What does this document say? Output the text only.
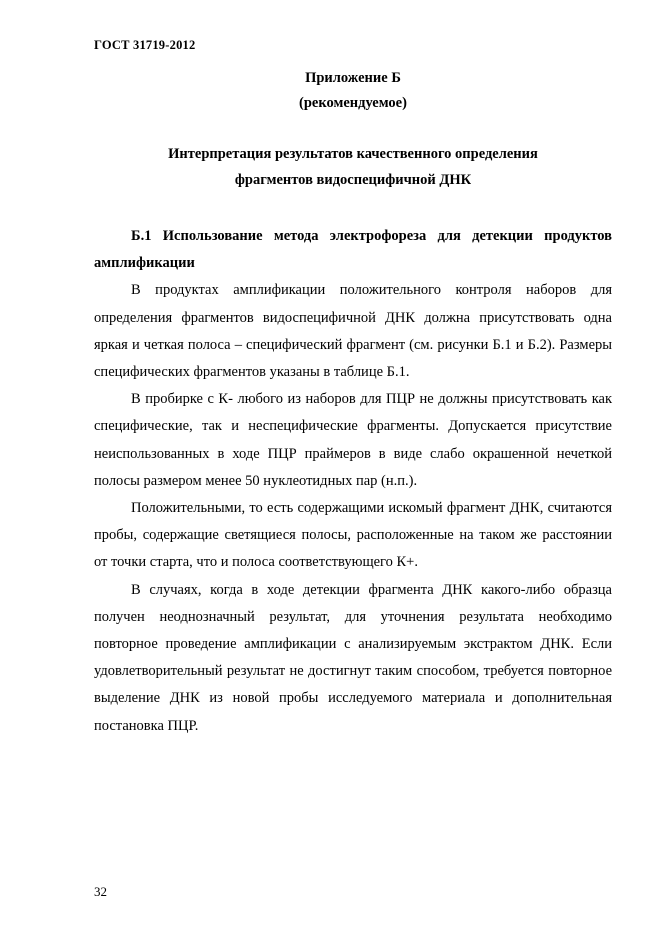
ГОСТ 31719-2012
Приложение Б
(рекомендуемое)
Интерпретация результатов качественного определения
фрагментов видоспецифичной ДНК

Б.1 Использование метода электрофореза для детекции продуктов амплификации

В продуктах амплификации положительного контроля наборов для определения фрагментов видоспецифичной ДНК должна присутствовать одна яркая и четкая полоса – специфический фрагмент (см. рисунки Б.1 и Б.2). Размеры специфических фрагментов указаны в таблице Б.1.

В пробирке с К- любого из наборов для ПЦР не должны присутствовать как специфические, так и неспецифические фрагменты. Допускается присутствие неиспользованных в ходе ПЦР праймеров в виде слабо окрашенной нечеткой полосы размером менее 50 нуклеотидных пар (н.п.).

Положительными, то есть содержащими искомый фрагмент ДНК, считаются пробы, содержащие светящиеся полосы, расположенные на таком же расстоянии от точки старта, что и полоса соответствующего К+.

В случаях, когда в ходе детекции фрагмента ДНК какого-либо образца получен неоднозначный результат, для уточнения результата необходимо повторное проведение амплификации с анализируемым экстрактом ДНК. Если удовлетворительный результат не достигнут таким способом, требуется повторное выделение ДНК из новой пробы исследуемого материала и дополнительная постановка ПЦР.

32
